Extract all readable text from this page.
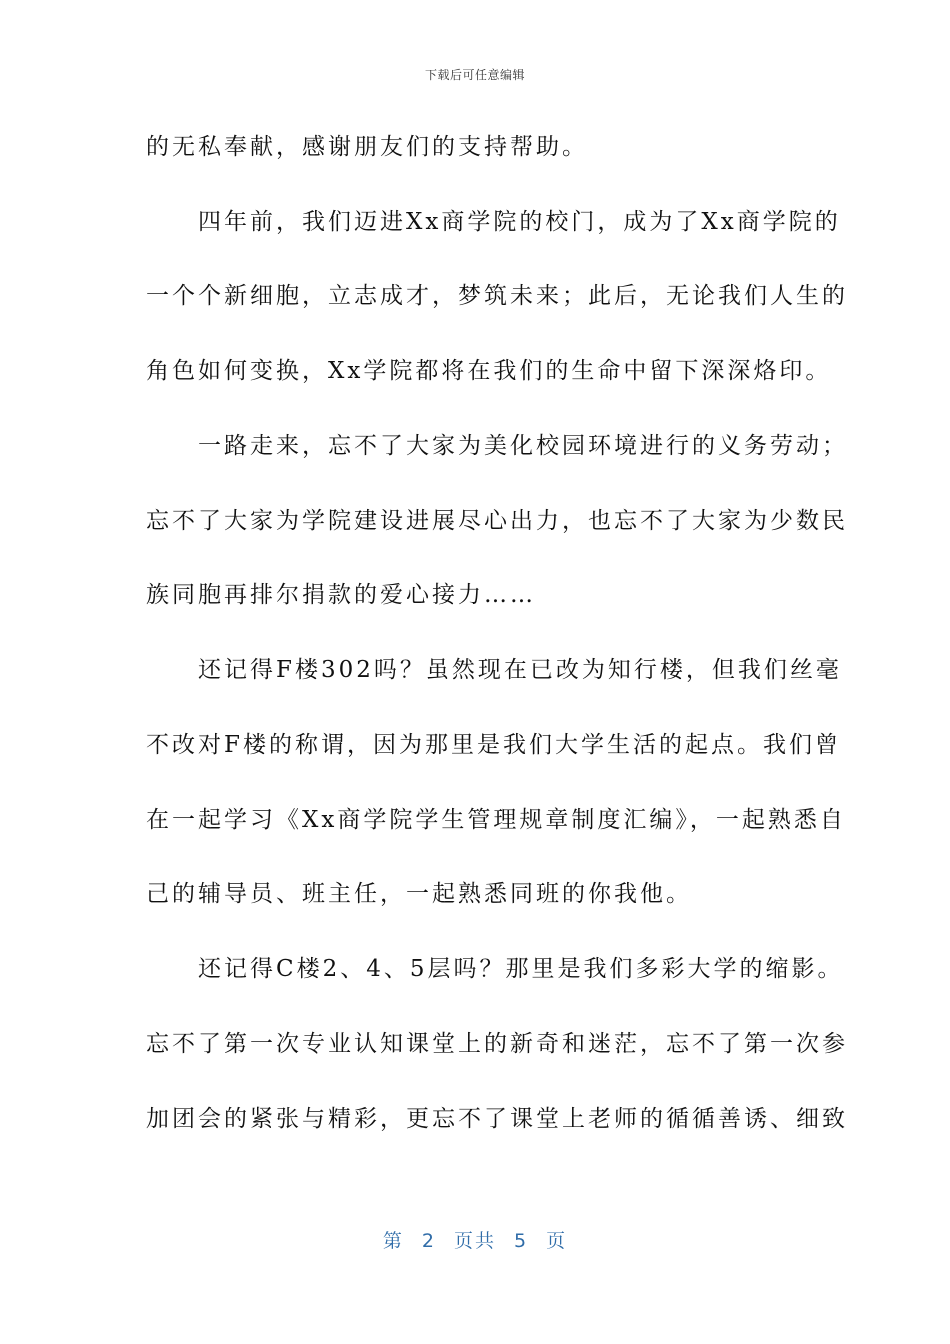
下载后可任意编辑
的无私奉献，感谢朋友们的支持帮助。
　　四年前，我们迈进Xx商学院的校门，成为了Xx商学院的
一个个新细胞，立志成才，梦筑未来；此后，无论我们人生的
角色如何变换，Xx学院都将在我们的生命中留下深深烙印。
　　一路走来，忘不了大家为美化校园环境进行的义务劳动；
忘不了大家为学院建设进展尽心出力，也忘不了大家为少数民
族同胞再排尔捐款的爱心接力……
　　还记得F楼302吗？虽然现在已改为知行楼，但我们丝毫
不改对F楼的称谓，因为那里是我们大学生活的起点。我们曾
在一起学习《Xx商学院学生管理规章制度汇编》，一起熟悉自
己的辅导员、班主任，一起熟悉同班的你我他。
　　还记得C楼2、4、5层吗？那里是我们多彩大学的缩影。
忘不了第一次专业认知课堂上的新奇和迷茫，忘不了第一次参
加团会的紧张与精彩，更忘不了课堂上老师的循循善诱、细致
第 2 页共 5 页
